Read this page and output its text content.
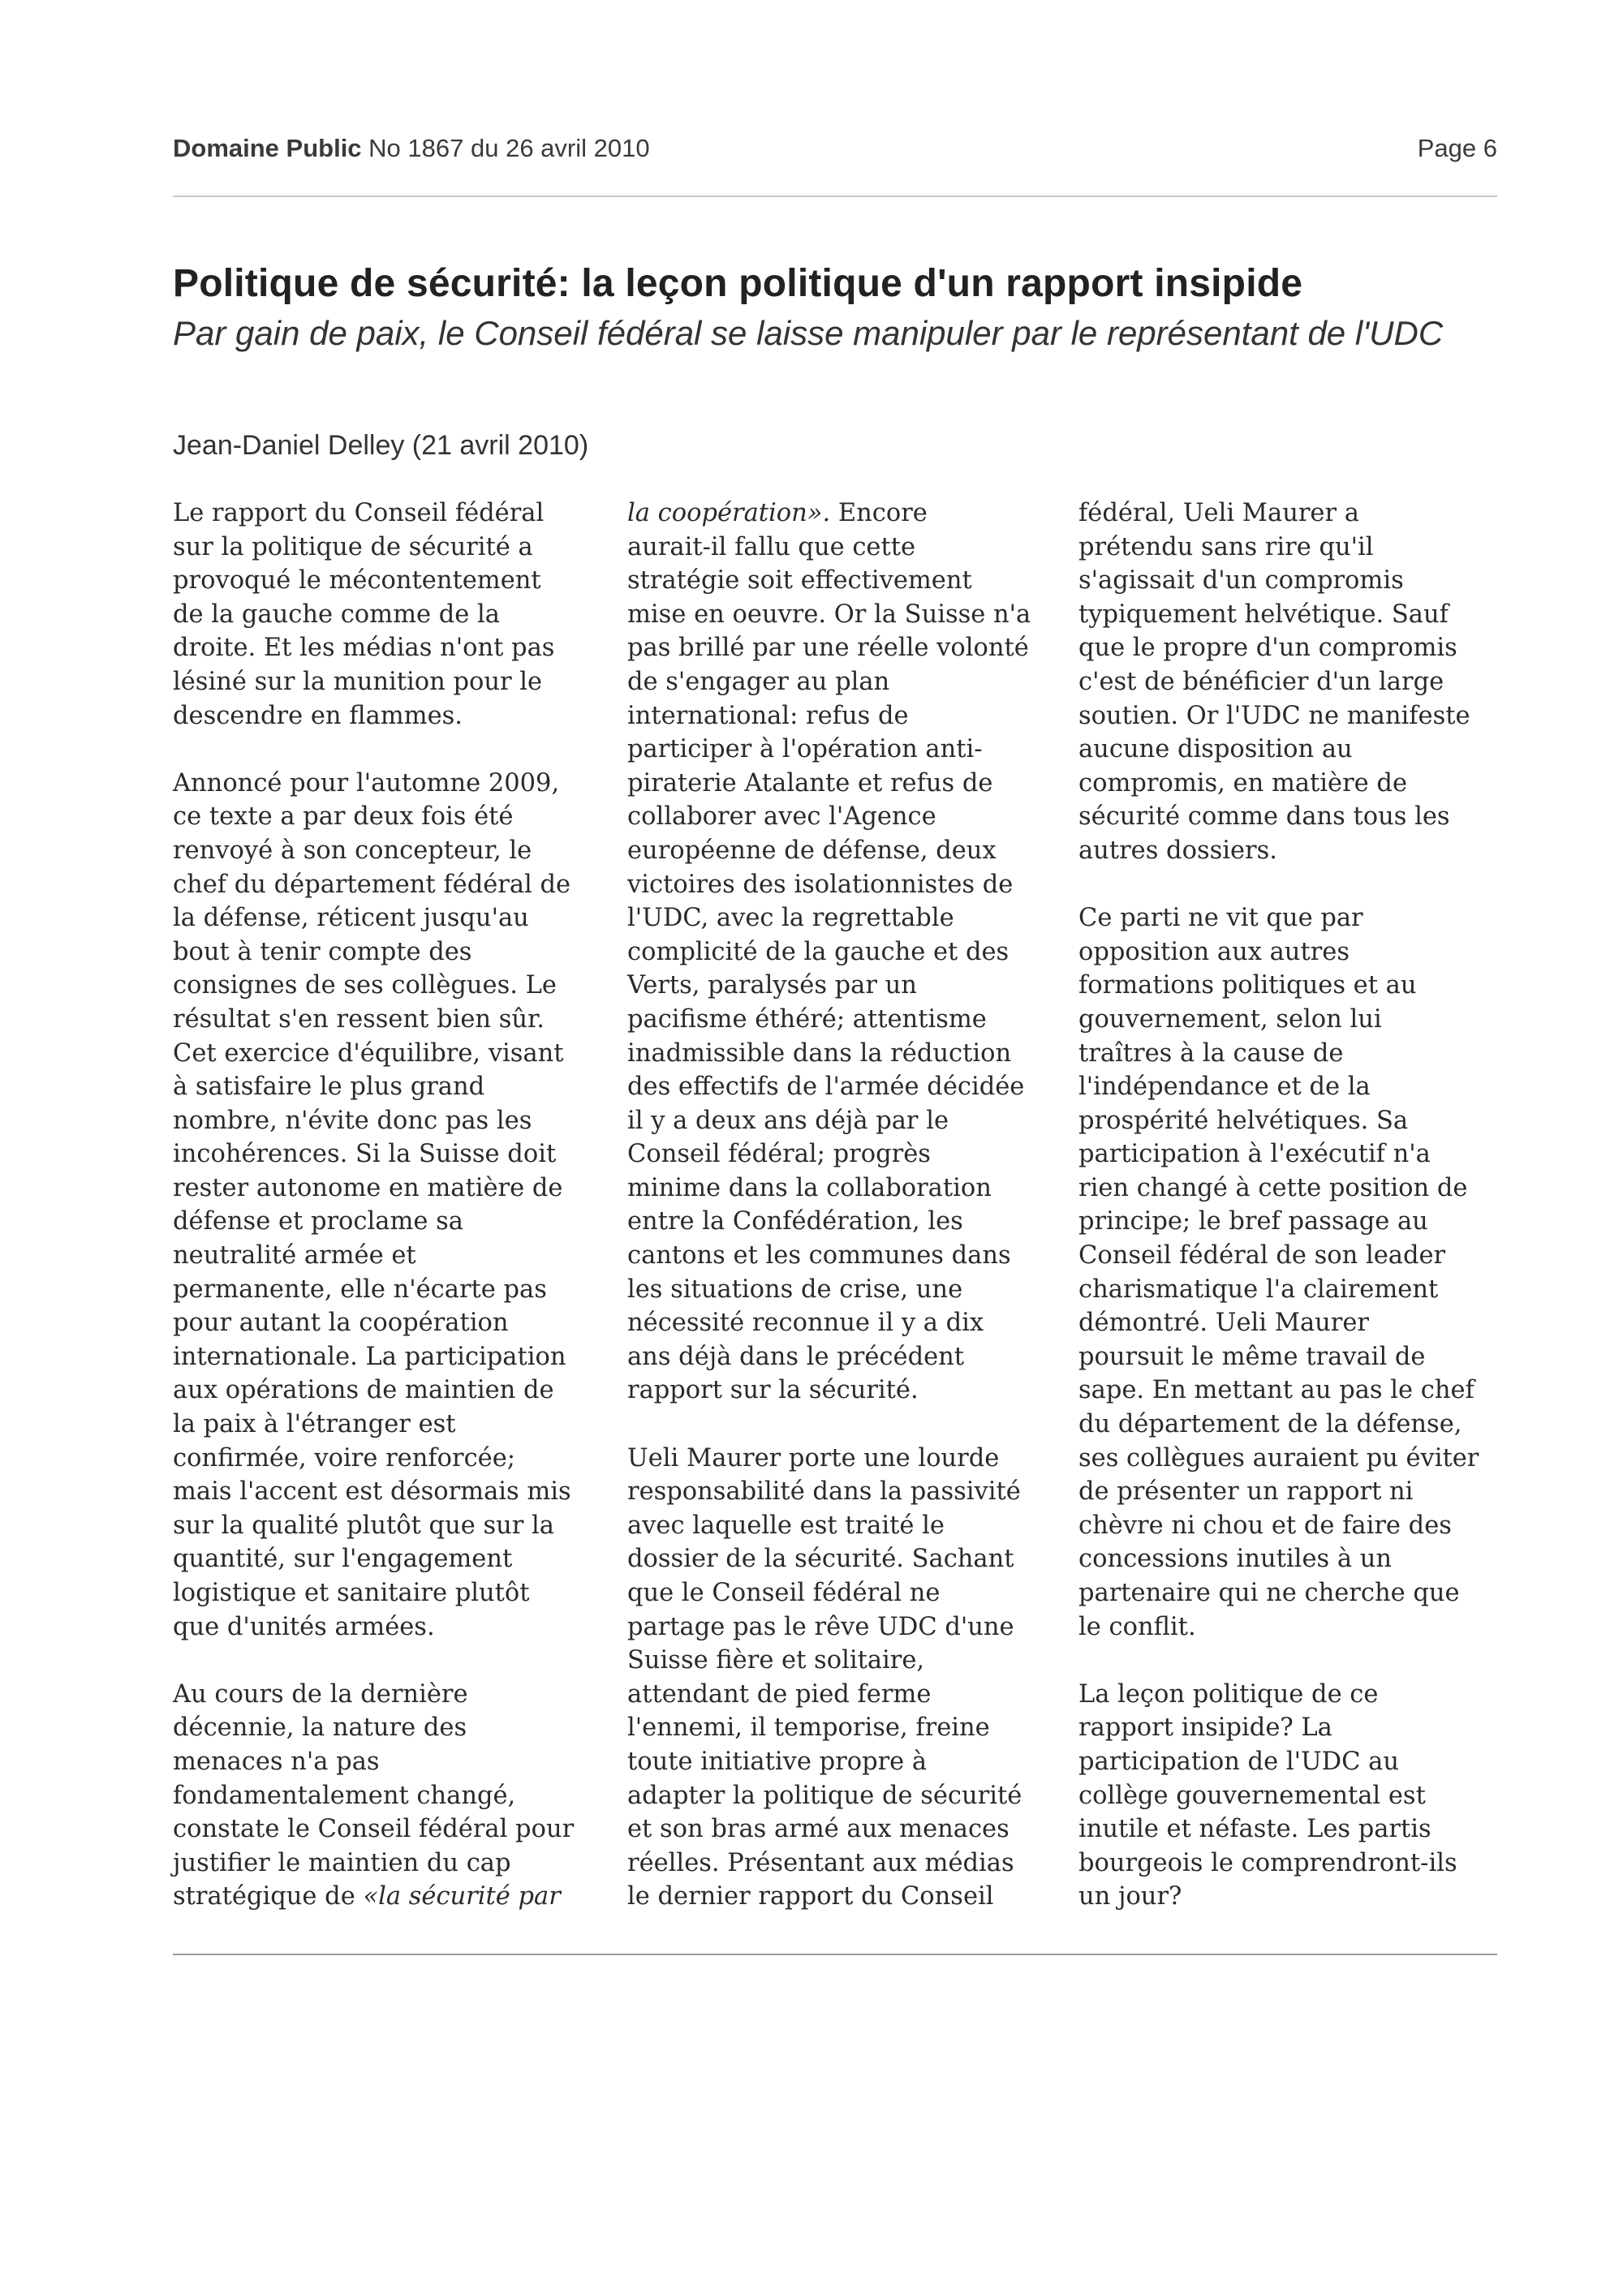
Domaine Public No 1867 du 26 avril 2010	Page 6
Politique de sécurité: la leçon politique d'un rapport insipide
Par gain de paix, le Conseil fédéral se laisse manipuler par le représentant de l'UDC
Jean-Daniel Delley (21 avril 2010)
Le rapport du Conseil fédéral
sur la politique de sécurité a
provoqué le mécontentement
de la gauche comme de la
droite. Et les médias n'ont pas
lésiné sur la munition pour le
descendre en flammes.
Annoncé pour l'automne 2009,
ce texte a par deux fois été
renvoyé à son concepteur, le
chef du département fédéral de
la défense, réticent jusqu'au
bout à tenir compte des
consignes de ses collègues. Le
résultat s'en ressent bien sûr.
Cet exercice d'équilibre, visant
à satisfaire le plus grand
nombre, n'évite donc pas les
incohérences. Si la Suisse doit
rester autonome en matière de
défense et proclame sa
neutralité armée et
permanente, elle n'écarte pas
pour autant la coopération
internationale. La participation
aux opérations de maintien de
la paix à l'étranger est
confirmée, voire renforcée;
mais l'accent est désormais mis
sur la qualité plutôt que sur la
quantité, sur l'engagement
logistique et sanitaire plutôt
que d'unités armées.
Au cours de la dernière
décennie, la nature des
menaces n'a pas
fondamentalement changé,
constate le Conseil fédéral pour
justifier le maintien du cap
stratégique de «la sécurité par
la coopération». Encore
aurait-il fallu que cette
stratégie soit effectivement
mise en oeuvre. Or la Suisse n'a
pas brillé par une réelle volonté
de s'engager au plan
international: refus de
participer à l'opération anti-
piraterie Atalante et refus de
collaborer avec l'Agence
européenne de défense, deux
victoires des isolationnistes de
l'UDC, avec la regrettable
complicité de la gauche et des
Verts, paralysés par un
pacifisme éthéré; attentisme
inadmissible dans la réduction
des effectifs de l'armée décidée
il y a deux ans déjà par le
Conseil fédéral; progrès
minime dans la collaboration
entre la Confédération, les
cantons et les communes dans
les situations de crise, une
nécessité reconnue il y a dix
ans déjà dans le précédent
rapport sur la sécurité.
Ueli Maurer porte une lourde
responsabilité dans la passivité
avec laquelle est traité le
dossier de la sécurité. Sachant
que le Conseil fédéral ne
partage pas le rêve UDC d'une
Suisse fière et solitaire,
attendant de pied ferme
l'ennemi, il temporise, freine
toute initiative propre à
adapter la politique de sécurité
et son bras armé aux menaces
réelles. Présentant aux médias
le dernier rapport du Conseil
fédéral, Ueli Maurer a
prétendu sans rire qu'il
s'agissait d'un compromis
typiquement helvétique. Sauf
que le propre d'un compromis
c'est de bénéficier d'un large
soutien. Or l'UDC ne manifeste
aucune disposition au
compromis, en matière de
sécurité comme dans tous les
autres dossiers.
Ce parti ne vit que par
opposition aux autres
formations politiques et au
gouvernement, selon lui
traîtres à la cause de
l'indépendance et de la
prospérité helvétiques. Sa
participation à l'exécutif n'a
rien changé à cette position de
principe; le bref passage au
Conseil fédéral de son leader
charismatique l'a clairement
démontré. Ueli Maurer
poursuit le même travail de
sape. En mettant au pas le chef
du département de la défense,
ses collègues auraient pu éviter
de présenter un rapport ni
chèvre ni chou et de faire des
concessions inutiles à un
partenaire qui ne cherche que
le conflit.
La leçon politique de ce
rapport insipide? La
participation de l'UDC au
collège gouvernemental est
inutile et néfaste. Les partis
bourgeois le comprendront-ils
un jour?
